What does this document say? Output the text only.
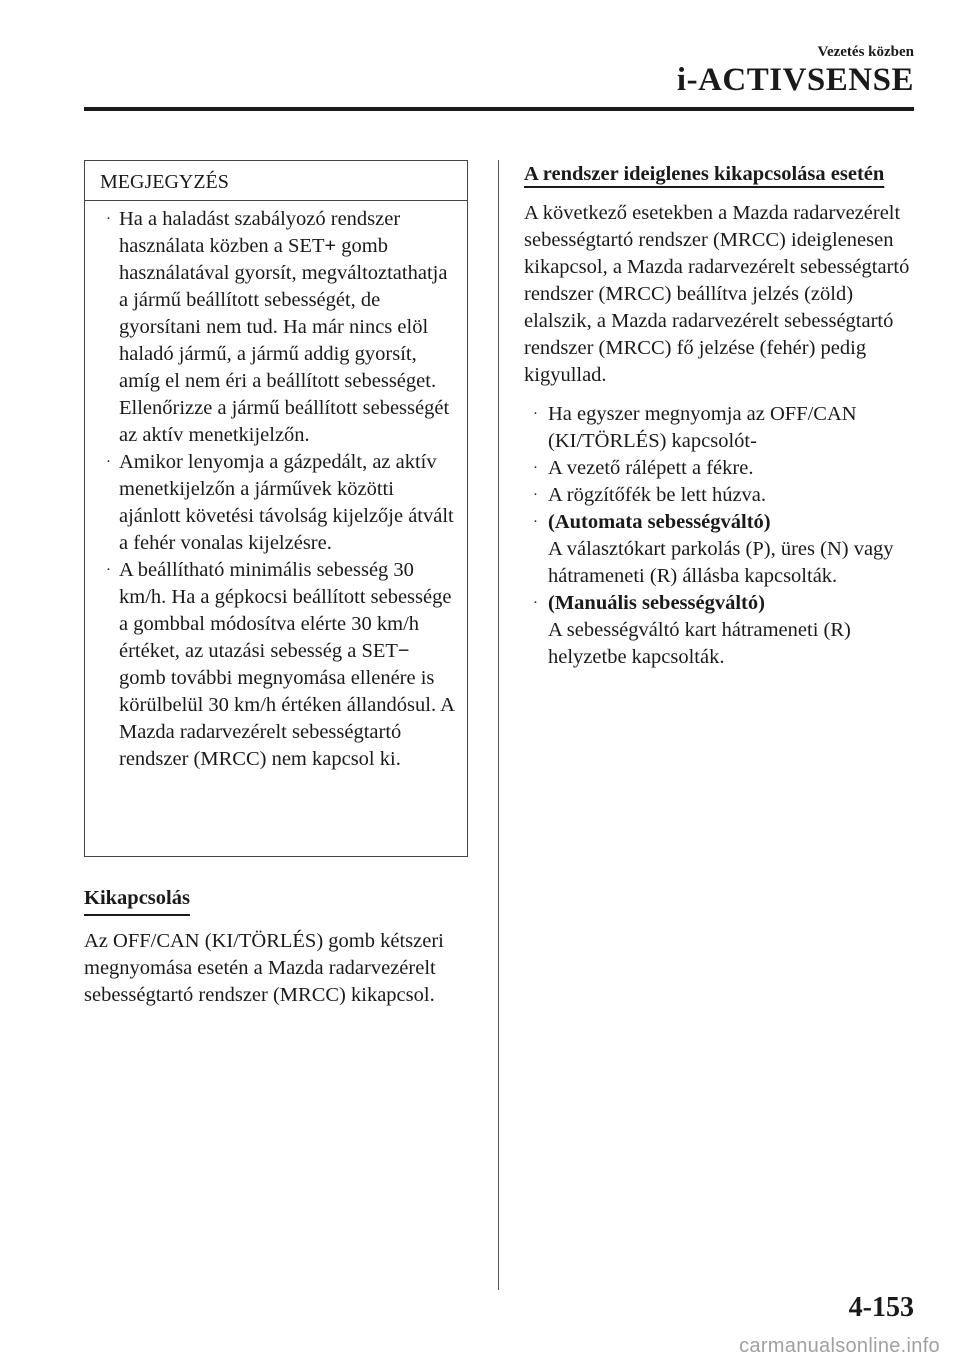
Vezetés közben
i-ACTIVSENSE
MEGJEGYZÉS
· Ha a haladást szabályozó rendszer használata közben a SET+ gomb használatával gyorsít, megváltoztathatja a jármű beállított sebességét, de gyorsítani nem tud. Ha már nincs elöl haladó jármű, a jármű addig gyorsít, amíg el nem éri a beállított sebességet. Ellenőrizze a jármű beállított sebességét az aktív menetkijelzőn.
· Amikor lenyomja a gázpedált, az aktív menetkijelzőn a járművek közötti ajánlott követési távolság kijelzője átvált a fehér vonalas kijelzésre.
· A beállítható minimális sebesség 30 km/h. Ha a gépkocsi beállított sebessége a gombbal módosítva elérte 30 km/h értéket, az utazási sebesség a SET− gomb további megnyomása ellenére is körülbelül 30 km/h értéken állandósul. A Mazda radarvezérelt sebességtartó rendszer (MRCC) nem kapcsol ki.
Kikapcsolás

Az OFF/CAN (KI/TÖRLÉS) gomb kétszeri megnyomása esetén a Mazda radarvezérelt sebességtartó rendszer (MRCC) kikapcsol.

A rendszer ideiglenes kikapcsolása esetén

A következő esetekben a Mazda radarvezérelt sebességtartó rendszer (MRCC) ideiglenesen kikapcsol, a Mazda radarvezérelt sebességtartó rendszer (MRCC) beállítva jelzés (zöld) elalszik, a Mazda radarvezérelt sebességtartó rendszer (MRCC) fő jelzése (fehér) pedig kigyullad.

· Ha egyszer megnyomja az OFF/CAN (KI/TÖRLÉS) kapcsolót-
· A vezető rálépett a fékre.
· A rögzítőfék be lett húzva.
· (Automata sebességváltó)
A választókart parkolás (P), üres (N) vagy hátrameneti (R) állásba kapcsolták.
· (Manuális sebességváltó)
A sebességváltó kart hátrameneti (R) helyzetbe kapcsolták.
4-153
carmanualsonline.info
